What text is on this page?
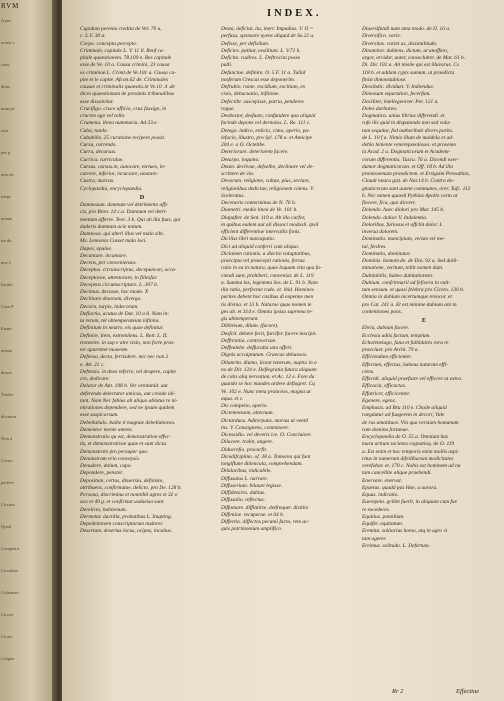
RVM
A per
ocem v
ceus,
ditur,
num pe
ctus
per p
tem ob
frequ
mente
tin du
noe e
Incubi
Cum P
Euam
tenatu
dunce
Trader
dicuntur
Non a
Conso
perfere
Circum
Quod
Conquerit
Circulare
Colentiae
Circeo
Cicad
Colgae
INDEX.
Cupidum perenia credita de Ver. 70 a,
c. L.V. 30 a.
Corpo. concepta percepto.
Criminale, capitale L. V. 11 ll. Renf ca-
pitale quaestionem. 78.109 e. Res capitale
esse.de Ve. 10 a. Causa crimini, 23 causa
ex criminae.L. Criml.de Ve.101 a. Causa ca-
pite et le capite. Afcon.62 de. Criminales
causae et criminalis quaestio.in Ve.10 .4 .de
dices quaestionum de proximis tribunalibus
esse dissolvitur.
Crucifigo. cruce afficio, crux fassigo, in
crucem ago vel tollo.
Crumena. ibrea nummaria. Ad.33.e.
Cuba, tando.
Cubabilis. 25 curatione recipere possit.
Cursu, currendo.
Curra, decursus.
Curricu. curriculae.
Cursus. cursus.in, autocare, tortues, in-
currere, inferior, incursare, unatare.
Custra, marcus.
Cyclopaedia, encyclopaedia.
D
Damnosum. damnum vel detrimento affi-
cis, pro Bron. 14 c.a. Damnum vel detri-
mentum afferre. Tere. 3 b. Qui ab illa fuas, qui
daderis damnum acie notum.
Damnosa. qui alteri illos vel malo sibi.
Ms. Lemonia Cusset mala loci.
Dapes, epulae.
Decantare. incantare.
Decens, per convenienses.
Deceptus. circunscriptus, decepuncon, occa-
Deceptorae, attentorare, in filitofar.
Decepens circumscripture. L. 307 b.
Decimus. decusse, hoc modo. X
Declinare deuream, divergo.
Decora, turpis, indecorum.
Deflactio, acutus de Dut. 10 a 8. Nam in-
ta rerum, tel obtemperateum infinita.
Definitum in neutro, eis quae definitur.
Definire, Item, extremilens. L. Retr. L. II.
tronsvire. in sup e atre vislo, non forte pras-
ter aparentet monente.
Defenso, decta. ferrisdere. nec nec non 2
e. Att. 21 c.
Defensio. in deos referre, vel despere, capite
cro, dedicare.
Delator de Ant. 108 b. Ver ornitanid. aut
deferendo delectator amicus, aut creade idi-
tant. Nam Nec fabius ab aliquo ablatus re ni-
mirationes dependere, sed ne ipsum quidem
esse suspicorsum.
Debellabulo. balbe ti magnae debellationes.
Dementor. mente amens.
Demonstratio qu est, demonstration effec-
tis, et demonstrativae quae et sunt dicta.
Demonstrare pro persuper quo.
Denonstram erio conveysis.
Denudere, dolum, cupo.
Depondere, penster.
Depositum, certus, dissersia, definisio,
attribuens, confirmatae, delicto. pro De. 128 b.
Persona, discrimina et nonnihil agres et 32 o
aco et 49 g. et confirmat usdaeisa sunt.
Derelicto, habitenum.
Dermetur. dactilla, probatibus L. Inupting.
Depedetionem conscriptarum nudorer.
Desertum. desertus locus, ocipas, incultus.
Desta, deficiat, ita, inerr. Impudias. V. O =
perfusa, sponsore ayens aliquid.de Se.22 a.
Defisse, per defisilum.
Deficies. patitur, exsilitum. L. V.71 b.
Deficito. rudires. L. Deftrocita posse
pulli.
Defunctae. definire. O. 5 F. 11 a. Tullid
nosferum Crescat esse deponerim.
Defrubio. ruine. excidium, excitium, ex
cisio, debacuatio, infitione.
Defectibr. suscepisse, patria, penderes
rogue.
Desbestor, desfusto, confundere qua aliquid
facinde depons vel dernolos, L. Re. 111 c.
Detego. indico, enlicio, cimo, aperio, pa-
lefacio, illustro, pro Syl. 178 a. et Amicipe
204 e. a O. Octetibe.
Deteriorare. deteriorem facere.
Deturpo. inquino.
Deum. declivae, defselbo, declinare vel de-
scribere de via.
Devorum. religione, cultae, pius, seclare,
religionibus dedictue, religionem colens. V.
Sceleratus.
Decenoris conterminus de N. 76 b.
Diametri. medio linea de Ve. 101 b.
Diapafter. de Sen. 119 a. Ab illo carfor,
in quibus eadem aut ali dissoci modosli. ipsil
efficient differentiae intervallis fonis.
Diciliss libri nuncupatio.
Dici ad aliquid conferri cum aliquo.
Diclamen rationis. a diectio voluptatibus,
praecipta vel praecepti rationis, forma
ratio in ea in natura, quae loquam vita qua fa-
ciendi sunt, prohiberi, conveniat. de L. 119
a. Summa lex, legemma Ses. de L. 91 b. Nam
illa ratio, perfectae rado. et. ibid. Homines
parites debent hoc casibus di expenne men
tis divina. et 13 b. Naturae quae nomen le
ges ab. et 314 e. Omnia ipsisa suprema le-
gis ubitemperant.
Dibbreum, dilam. (facere).
Desfcit. debere fecit, furcifer. facere inscipit.
Deffrenitia, controversae.
Deffeulebe. deffuculta una offert.
Dignis acculptutum. Graecae debuosos.
Dilunrim. diumo, liceat tenerum, nuptia in a
no de Dir. 124 e. Deflegratia futura aliquam
de catis aliq nervation. et Ac. 12 e. Fore da
quando se hoc mundes ardere deflagret. Cq
Ve. 102 e. Nunc meta proluvies, magna ut
aqua. et c.
Dis competio, aperio.
Dictemensam, alternum.
Dictarduos. Adirerpans. morius ut ventil
ins. V. Consognens, commixere.
Dicessidio. vel deveris ice. O. Concluiore.
Dilucere. tralin, angere.
Diducrefio. procurfit.
Dicedifciplino. of. 38 a. Tomorea qui funt
longiflune ditlencula, comprehendam.
Dilulacibus, indicabile.
Diffusatus L. narrare.
Diffuserium. bilaure legisse.
Diffidencies. dubius.
Diffusalio. reflectus.
Diffomare. diffinitive, detfrequer. distitio
Diffenioe. recuperae. et 64 b.
Diffectio. diffectos pecunii facto, rem ac-
quis patrimonium amplifico.
Diuersifundi num ama modo. de D. 16 a.
Diversifico. varie.
Diversitas. variet as, dissimilitudo.
Dinamitor. dubiens, dictum, ut unoffero,
argor, arvidor, auter, conseclubre. de Mat. 61 b.
Di. Dic 102 a. Ait misile qui est illuvarus. Cs
118 b. et addam cypis sumum, ut praedicta
finist dimonstubiose.
Dioxibdic. dividuet. V. Indiendue.
Dinessum separation, fecerfum.
Dociliter, intellegencter. Per. 121 a.
Doles darbarea.
Dogmatica. unius librius differendi. et
rufe ills quid in disputando non sed volu-
tum sequitur, fed authoribati divers parits.
de L. 10 f a. Nimio illum de maldela et ad-
deblo leniente venerepseolisses. et proxemo
ia Acad. 2 a. Dogmaticorum et Academi-
corum differentia. Tuscu. 76 a. Dicendi exer-
dumor dogmaticorum. et Off. 18 b. Ad illa
promissemum praedictem. et Ersigsim Perouthiss,
Claudi nnura gist. de Nat.14 b. Contra do-
gmaticerum sunt autem communes, orer. Tufc. 112
b. Nec tamen quaedi Pythias Apollo certa at
fincere, fica, qua dicerer.
Dolendo. haec diolori pro Mar. 145 b.
Dolendo. dolior. V. Indolentia.
Doloribus. furiosus et affclin dolor. L
inversa dolorem.
Dominatio. mancipium, verum vel me-
tui, ferdres.
Dominatio, dominator.
Dominis. homom de. de Dio. 92 a. Sed dolli-
minatione, veritum, tollit nomen dum.
Dubitabilis, habeo dubitationem.
Dubium. confrirmaril ad fefivera in vult-
tum sensum. et quasi felebra pro Cicero. 130 b.
Omnia in dubium incertumque revocor. et
pro Cat. 241 a. Et est minime dubium ant in
contentiones pons.
E
Ebria, dubium facere.
Ecclesia adiis factum, templum.
Echoleneiago, fana et fulbidares rora re
praecluet. pro Archi. 79 a.
Efficiendum efficienter.
Effectum, effectus, habeus naturam effi-
ciens.
Effectdi. aliquid praeftare vel efficere ut extra.
Efficacia, efficactas.
Effatricer, efficicenter.
Egenere, egens.
Emphasis. ad Bru 110 e. Chode aliquid
raegdatur ad fuagerem in decori, Vale
de ras amatituos. Vla qua versium homanum
rum domina fortunae.
Encyclopaedia de O. 55 a. Omnium has
maru artium societas cognatioq. de O. 119
a. Est enim et hoc temporis enim mollis aspi-
ritus in numerum difeiliharum modicitates
verefobar. et. 170 c. Nobis est hominem ad na
tam cancellite alique praehendi.
Enervare. enervat.
Epaetas. quadd pas Hae, u aurora.
Equus. indicatio.
Euerepeta. grilim fuerit, in aliquum cum fue
re excederes.
Equitius. pomilium.
Equifer. equitatum.
Eremita. solitarius homo, atq in agro vi
tam agerer.
Ereimus. solitudo. L. Defertum.
Rr 2	Effectiae
